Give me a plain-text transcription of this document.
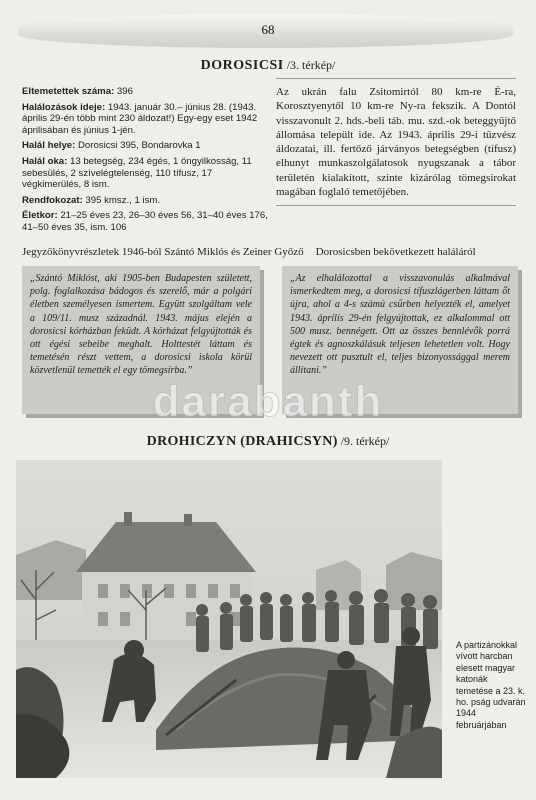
68
DOROSICSI /3. térkép/

Eltemetettek száma: 396

Halálozások ideje: 1943. január 30.– június 28. (1943. április 29-én több mint 230 áldozat!) Egy-egy eset 1942 áprilisában és június 1-jén.

Halál helye: Dorosicsi 395, Bondarovka 1

Halál oka: 13 betegség, 234 égés, 1 öngyilkosság, 11 sebesülés, 2 szívelégtelenség, 110 tífusz, 17 végkimerülés, 8 ism.

Rendfokozat: 395 kmsz., 1 ism.

Életkor: 21–25 éves 23, 26–30 éves 56, 31–40 éves 176, 41–50 éves 35, ism. 106

Az ukrán falu Zsitomirtól 80 km-re É-ra, Korosztyenytől 10 km-re Ny-ra fekszik. A Dontól visszavonult 2. hds.-beli táb. mu. szd.-ok beteggyűjtő állomása települt ide. Az 1943. április 29-i tűzvész áldozatai, ill. fertőző járványos betegségben (tífusz) elhunyt munkaszolgálatosok nyugszanak a tábor területén kialakított, szinte kizárólag tömegsírokat magában foglaló temetőjében.
Jegyzőkönyvrészletek 1946-ból Szántó Miklós és Zeiner Győző Dorosicsben bekövetkezett haláláról
„Szántó Miklóst, aki 1905-ben Budapesten született, polg. foglalkozása bádogos és szerelő, már a polgári életben személyesen ismertem. Együtt szolgáltam vele a 109/11. musz századnál. 1943. május elején a dorosicsi kórházban feküdt. A kórházat felgyújtották és ott égési sebeibe meghalt. Holttestét láttam és temetésén részt vettem, a dorosicsi iskola körül közvetlenül temették el egy tömegsírba.”
„Az elhalálozottal a visszavonulás alkalmával ismerkedtem meg, a dorosicsi tífuszlágerben láttam őt újra, ahol a 4-s számú csűrben helyezték el, amelyet 1943. április 29-én felgyújtottak, ez alkalommal ott 500 musz. bennégett. Ott az összes bennlévők porrá égtek és agnoszkálásuk teljesen lehetetlen volt. Hogy nevezett ott pusztult el, teljes bizonyossággal merem állítani.”
darabanth
DROHICZYN (DRAHICSYN) /9. térkép/
A partizánokkal vívott harcban elesett magyar katonák temetése a 23. k. ho. pság udvarán 1944 februárjában
